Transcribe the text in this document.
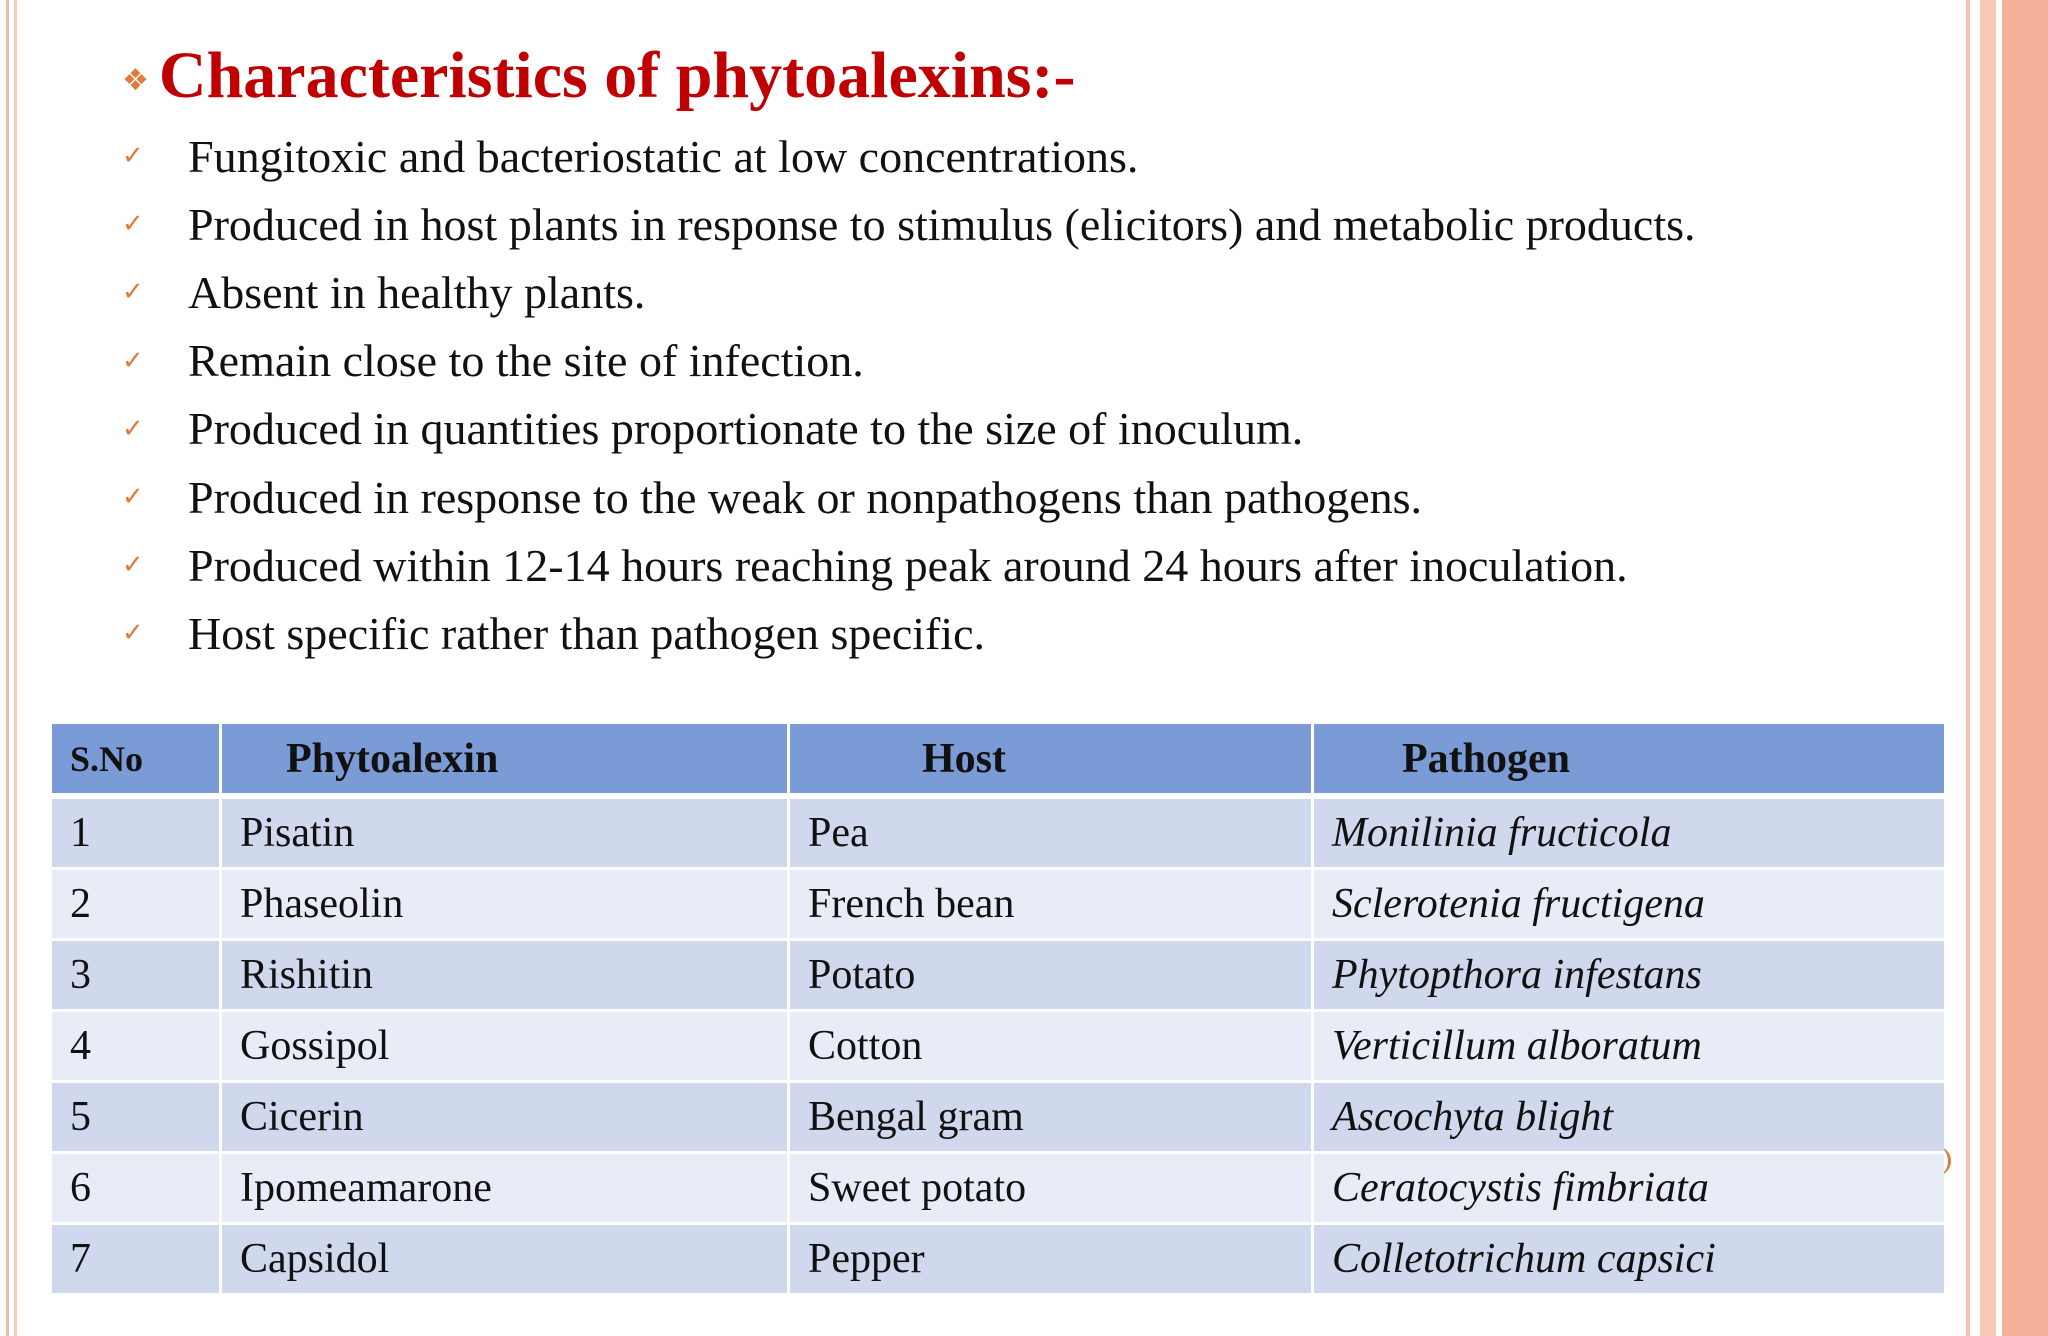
❖ Characteristics of phytoalexins:-
✓ Fungitoxic and bacteriostatic at low concentrations.
✓ Produced in host plants in response to stimulus (elicitors) and metabolic products.
✓ Absent in healthy plants.
✓ Remain close to the site of infection.
✓ Produced in quantities proportionate to the size of inoculum.
✓ Produced in response to the weak or nonpathogens than pathogens.
✓ Produced within 12-14 hours reaching peak around 24 hours after inoculation.
✓ Host specific rather than pathogen specific.
S.No	Phytoalexin	Host	Pathogen
1	Pisatin	Pea	Monilinia fructicola
2	Phaseolin	French bean	Sclerotenia fructigena
3	Rishitin	Potato	Phytopthora infestans
4	Gossipol	Cotton	Verticillum alboratum
5	Cicerin	Bengal gram	Ascochyta blight
6	Ipomeamarone	Sweet potato	Ceratocystis fimbriata
7	Capsidol	Pepper	Colletotrichum capsici
